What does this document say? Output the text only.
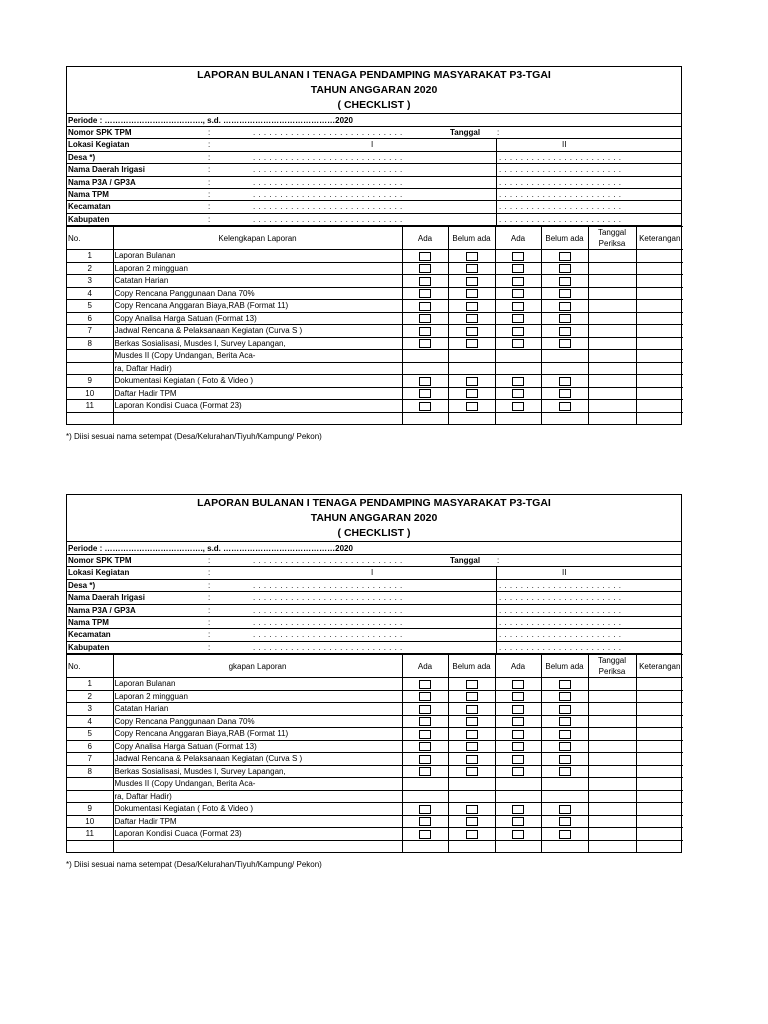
LAPORAN BULANAN I TENAGA PENDAMPING MASYARAKAT P3-TGAI
TAHUN ANGGARAN 2020
( CHECKLIST )
Periode : ………………………………., s.d. ……………………………………2020
Nomor SPK TPM	:	. . . . . . . . . . . . . . . . . . . . . . . . . . . .	Tanggal :
Lokasi Kegiatan	:	I	II
Desa *)	:	. . . . . . . . . . . . . . . . . . . . . . . . . . . .	. . . . . . . . . . . . . . . . . . . . . . .
Nama Daerah Irigasi	:	. . . . . . . . . . . . . . . . . . . . . . . . . . . .	. . . . . . . . . . . . . . . . . . . . . . .
Nama P3A / GP3A	:	. . . . . . . . . . . . . . . . . . . . . . . . . . . .	. . . . . . . . . . . . . . . . . . . . . . .
Nama TPM	:	. . . . . . . . . . . . . . . . . . . . . . . . . . . .	. . . . . . . . . . . . . . . . . . . . . . .
Kecamatan	:	. . . . . . . . . . . . . . . . . . . . . . . . . . . .	. . . . . . . . . . . . . . . . . . . . . . .
Kabupaten	:	. . . . . . . . . . . . . . . . . . . . . . . . . . . .	. . . . . . . . . . . . . . . . . . . . . . .
No.	Kelengkapan Laporan	Ada	Belum ada	Ada	Belum ada	Tanggal Periksa	Keterangan
1	Laporan Bulanan						
2	Laporan 2 mingguan						
3	Catatan Harian						
4	Copy Rencana Panggunaan Dana 70%						
5	Copy Rencana Anggaran Biaya,RAB (Format 11)						
6	Copy Analisa Harga Satuan (Format 13)						
7	Jadwal Rencana & Pelaksanaan Kegiatan (Curva S )						
8	Berkas Sosialisasi, Musdes I, Survey Lapangan,						
	Musdes II (Copy Undangan, Berita Aca-						
	ra, Daftar Hadir)						
9	Dokumentasi Kegiatan ( Foto & Video )						
10	Daftar Hadir TPM						
11	Laporan Kondisi Cuaca (Format 23)						

*) Diisi sesuai nama setempat (Desa/Kelurahan/Tiyuh/Kampung/ Pekon)
LAPORAN BULANAN I TENAGA PENDAMPING MASYARAKAT P3-TGAI
TAHUN ANGGARAN 2020
( CHECKLIST )
Periode : ………………………………., s.d. ……………………………………2020
Nomor SPK TPM	:	. . . . . . . . . . . . . . . . . . . . . . . . . . . .	Tanggal :
Lokasi Kegiatan	:	I	II
Desa *)	:	. . . . . . . . . . . . . . . . . . . . . . . . . . . .	. . . . . . . . . . . . . . . . . . . . . . .
Nama Daerah Irigasi	:	. . . . . . . . . . . . . . . . . . . . . . . . . . . .	. . . . . . . . . . . . . . . . . . . . . . .
Nama P3A / GP3A	:	. . . . . . . . . . . . . . . . . . . . . . . . . . . .	. . . . . . . . . . . . . . . . . . . . . . .
Nama TPM	:	. . . . . . . . . . . . . . . . . . . . . . . . . . . .	. . . . . . . . . . . . . . . . . . . . . . .
Kecamatan	:	. . . . . . . . . . . . . . . . . . . . . . . . . . . .	. . . . . . . . . . . . . . . . . . . . . . .
Kabupaten	:	. . . . . . . . . . . . . . . . . . . . . . . . . . . .	. . . . . . . . . . . . . . . . . . . . . . .
No.	gkapan Laporan	Ada	Belum ada	Ada	Belum ada	Tanggal Periksa	Keterangan
1	Laporan Bulanan						
2	Laporan 2 mingguan						
3	Catatan Harian						
4	Copy Rencana Panggunaan Dana 70%						
5	Copy Rencana Anggaran Biaya,RAB (Format 11)						
6	Copy Analisa Harga Satuan (Format 13)						
7	Jadwal Rencana & Pelaksanaan Kegiatan (Curva S )						
8	Berkas Sosialisasi, Musdes I, Survey Lapangan,						
	Musdes II (Copy Undangan, Berita Aca-						
	ra, Daftar Hadir)						
9	Dokumentasi Kegiatan ( Foto & Video )						
10	Daftar Hadir TPM						
11	Laporan Kondisi Cuaca (Format 23)						

*) Diisi sesuai nama setempat (Desa/Kelurahan/Tiyuh/Kampung/ Pekon)
